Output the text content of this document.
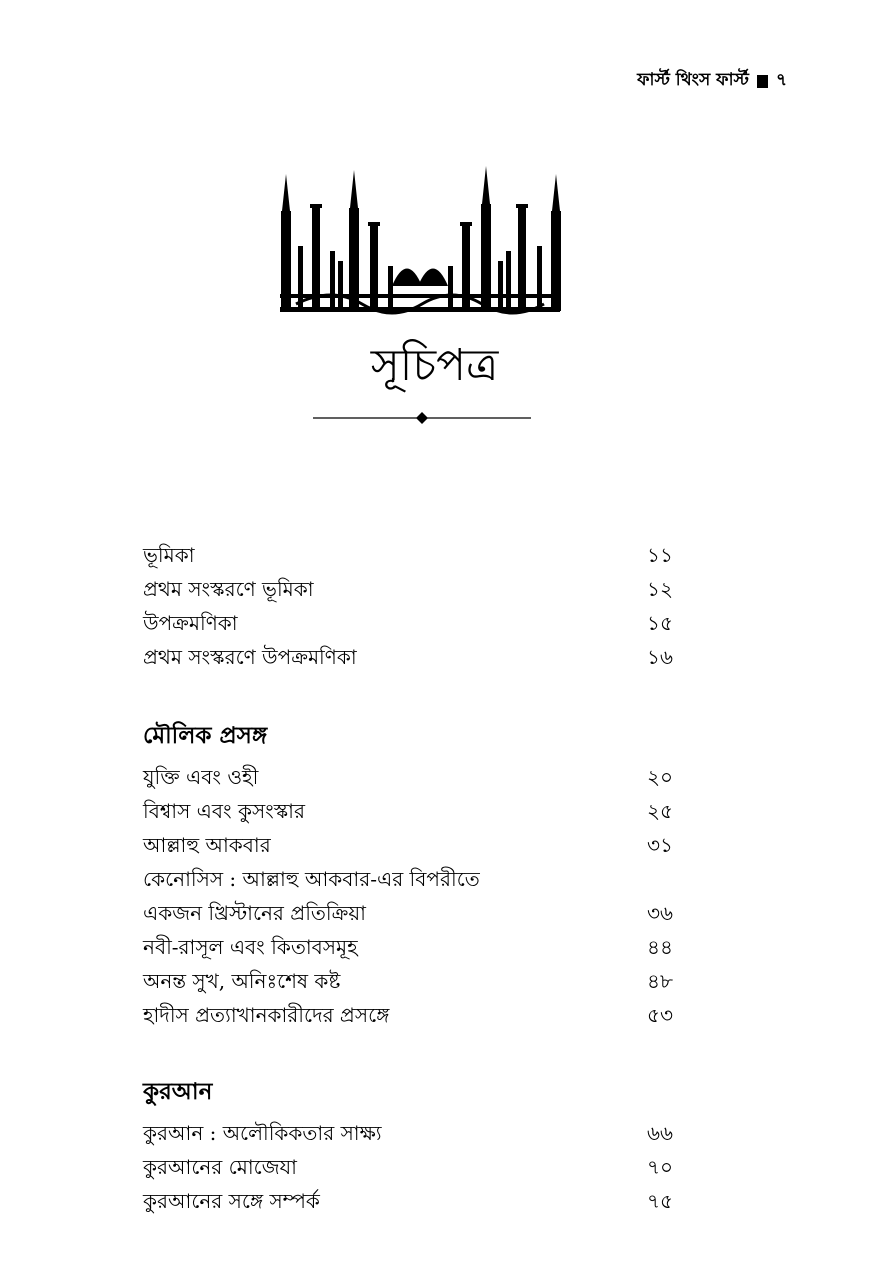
ফার্স্ট থিংস ফার্স্ট ৭
সূচিপত্র
ভূমিকা	১১
প্রথম সংস্করণে ভূমিকা	১২
উপক্রমণিকা	১৫
প্রথম সংস্করণে উপক্রমণিকা	১৬
মৌলিক প্রসঙ্গ
যুক্তি এবং ওহী	২০
বিশ্বাস এবং কুসংস্কার	২৫
আল্লাহু আকবার	৩১
কেনোসিস : আল্লাহু আকবার-এর বিপরীতে
একজন খ্রিস্টানের প্রতিক্রিয়া	৩৬
নবী-রাসূল এবং কিতাবসমূহ	৪৪
অনন্ত সুখ, অনিঃশেষ কষ্ট	৪৮
হাদীস প্রত্যাখানকারীদের প্রসঙ্গে	৫৩
কুরআন
কুরআন : অলৌকিকতার সাক্ষ্য	৬৬
কুরআনের মোজেযা	৭০
কুরআনের সঙ্গে সম্পর্ক	৭৫
